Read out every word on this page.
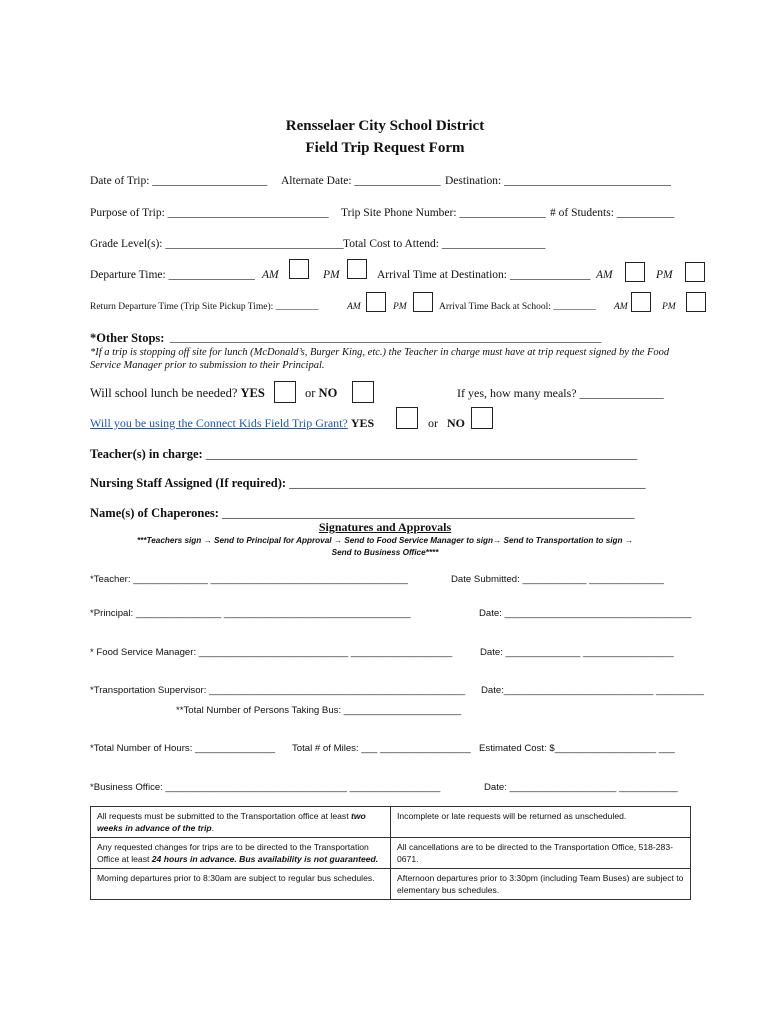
Rensselaer City School District
Field Trip Request Form
Date of Trip: ____________________ Alternate Date: _______________ Destination: _____________________________
Purpose of Trip: ____________________________ Trip Site Phone Number: _______________ # of Students: __________
Grade Level(s): _______________________________ Total Cost to Attend: __________________
Departure Time: _______________ AM	PM	Arrival Time at Destination: ______________ AM	PM
Return Departure Time (Trip Site Pickup Time): _________	AM	PM	Arrival Time Back at School: _________ AM	PM
*Other Stops: ___________________________________________________________________________
*If a trip is stopping off site for lunch (McDonald’s, Burger King, etc.) the Teacher in charge must have at trip request signed by the Food Service Manager prior to submission to their Principal.
Will school lunch be needed? YES	or NO	If yes, how many meals? ______________
Will you be using the Connect Kids Field Trip Grant? YES	or NO
Teacher(s) in charge: _____________________________________________________________________
Nursing Staff Assigned (If required): _________________________________________________________
Name(s) of Chaperones: __________________________________________________________________
Signatures and Approvals
***Teachers sign → Send to Principal for Approval → Send to Food Service Manager to sign→ Send to Transportation to sign →
Send to Business Office****
*Teacher: ______________ _____________________________________	Date Submitted: ____________ ______________
*Principal: ________________ ___________________________________	Date: ___________________________________
* Food Service Manager: ____________________________ ___________________	Date: ______________ _________________
*Transportation Supervisor: ________________________________________________ Date:____________________________ _________
**Total Number of Persons Taking Bus: ______________________
*Total Number of Hours: _______________ Total # of Miles: ___ _________________ Estimated Cost: $___________________ ___
*Business Office: __________________________________ _________________	Date: ____________________ ___________
All requests must be submitted to the Transportation office at least two weeks in advance of the trip.	Incomplete or late requests will be returned as unscheduled.
Any requested changes for trips are to be directed to the Transportation Office at least 24 hours in advance. Bus availability is not guaranteed.	All cancellations are to be directed to the Transportation Office, 518-283-0671.
Morning departures prior to 8:30am are subject to regular bus schedules.	Afternoon departures prior to 3:30pm (including Team Buses) are subject to elementary bus schedules.
